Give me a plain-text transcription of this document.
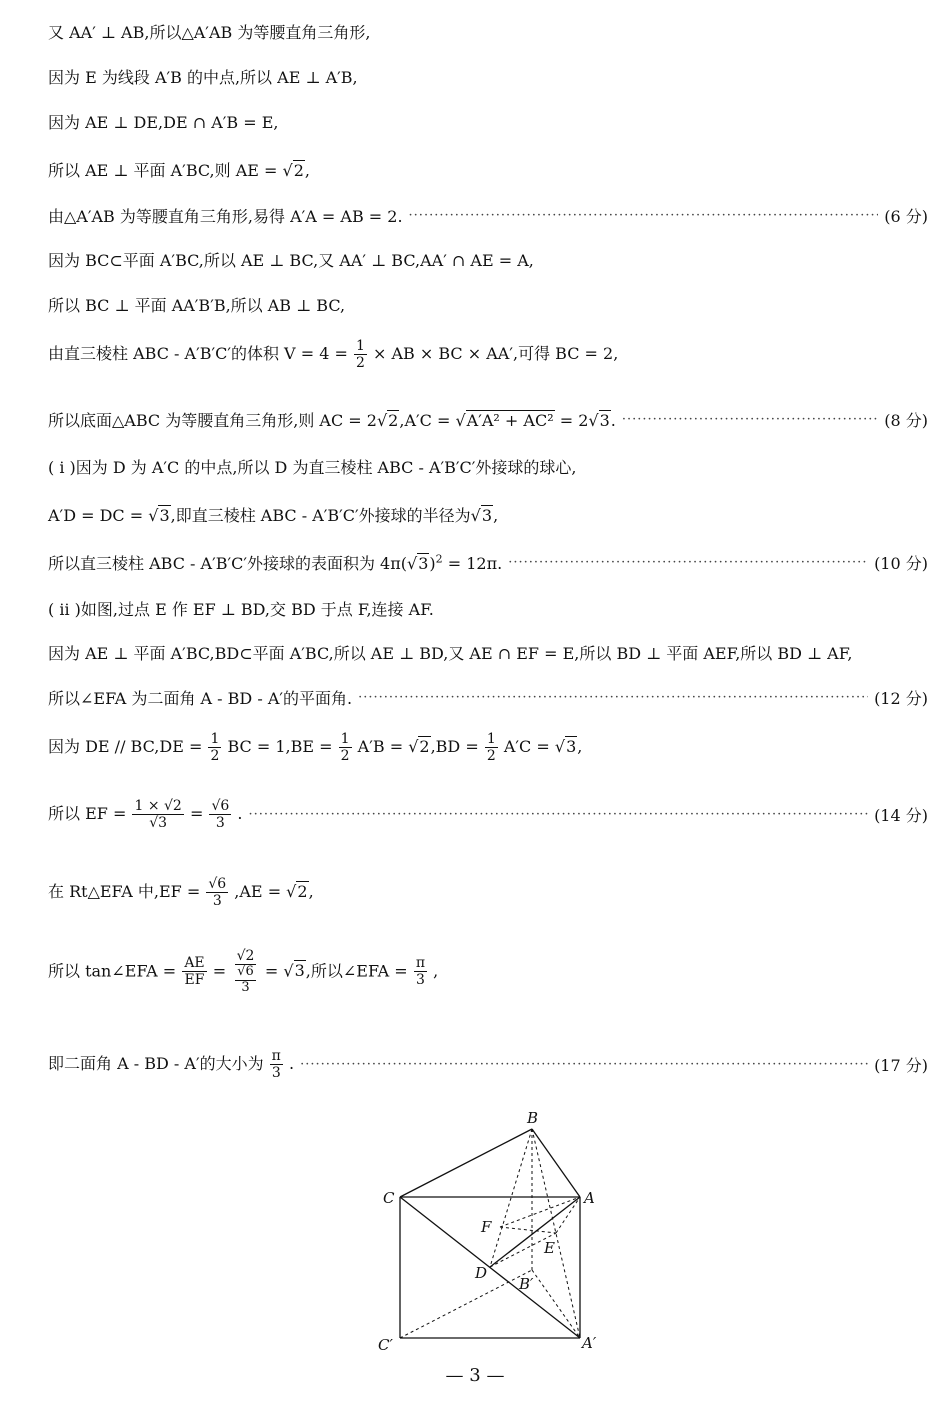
又 AA′ ⊥ AB,所以△A′AB 为等腰直角三角形,
因为 E 为线段 A′B 的中点,所以 AE ⊥ A′B,
因为 AE ⊥ DE,DE ∩ A′B = E,
所以 AE ⊥ 平面 A′BC,则 AE = √2,
由△A′AB 为等腰直角三角形,易得 A′A = AB = 2. ·····	(6 分)
因为 BC⊂平面 A′BC,所以 AE ⊥ BC,又 AA′ ⊥ BC,AA′ ∩ AE = A,
所以 BC ⊥ 平面 AA′B′B,所以 AB ⊥ BC,
由直三棱柱 ABC - A′B′C′的体积 $V = 4 = \frac{1}{2}$ × AB × BC × AA′,可得 BC = 2,
所以底面△ABC 为等腰直角三角形,则 AC = 2√2,A′C = √A′A² + AC² = 2√3. ·····	(8 分)
( ⅰ )因为 D 为 A′C 的中点,所以 D 为直三棱柱 ABC - A′B′C′外接球的球心,
A′D = DC = √3,即直三棱柱 ABC - A′B′C′外接球的半径为√3,
所以直三棱柱 ABC - A′B′C′外接球的表面积为 $4\pi(√3)^2 = 12\pi$. ·····	(10 分)
( ⅱ )如图,过点 E 作 EF ⊥ BD,交 BD 于点 F,连接 AF.
因为 AE ⊥ 平面 A′BC,BD⊂平面 A′BC,所以 AE ⊥ BD,又 AE ∩ EF = E,所以 BD ⊥ 平面 AEF,所以 BD ⊥ AF,
所以∠EFA 为二面角 A - BD - A′的平面角. ·····	(12 分)
因为 DE // $BC,DE = \frac{1}{2}$ BC = $1,BE = \frac{1}{2} A'B = √2,BD = \frac{1}{2} A'C = √3$,
所以 EF = $\frac{1 \times √2}{√3} = \frac{√6}{3}$ . ·····	(14 分)
在 Rt△EFA 中$,EF = \frac{√6}{3} ,AE = √2$,
所以 tan∠EFA = $\frac{AE}{EF} = \frac{√2}{\frac{√6}{3}} = √3$,所以∠EFA = $\frac{\pi}{3}$ ,
即二面角 A - BD - A′的大小为 $\frac{\pi}{3}$ . ·····	(17 分)
B
C	A
F
E
D
B′
C′	A′
— 3 —
